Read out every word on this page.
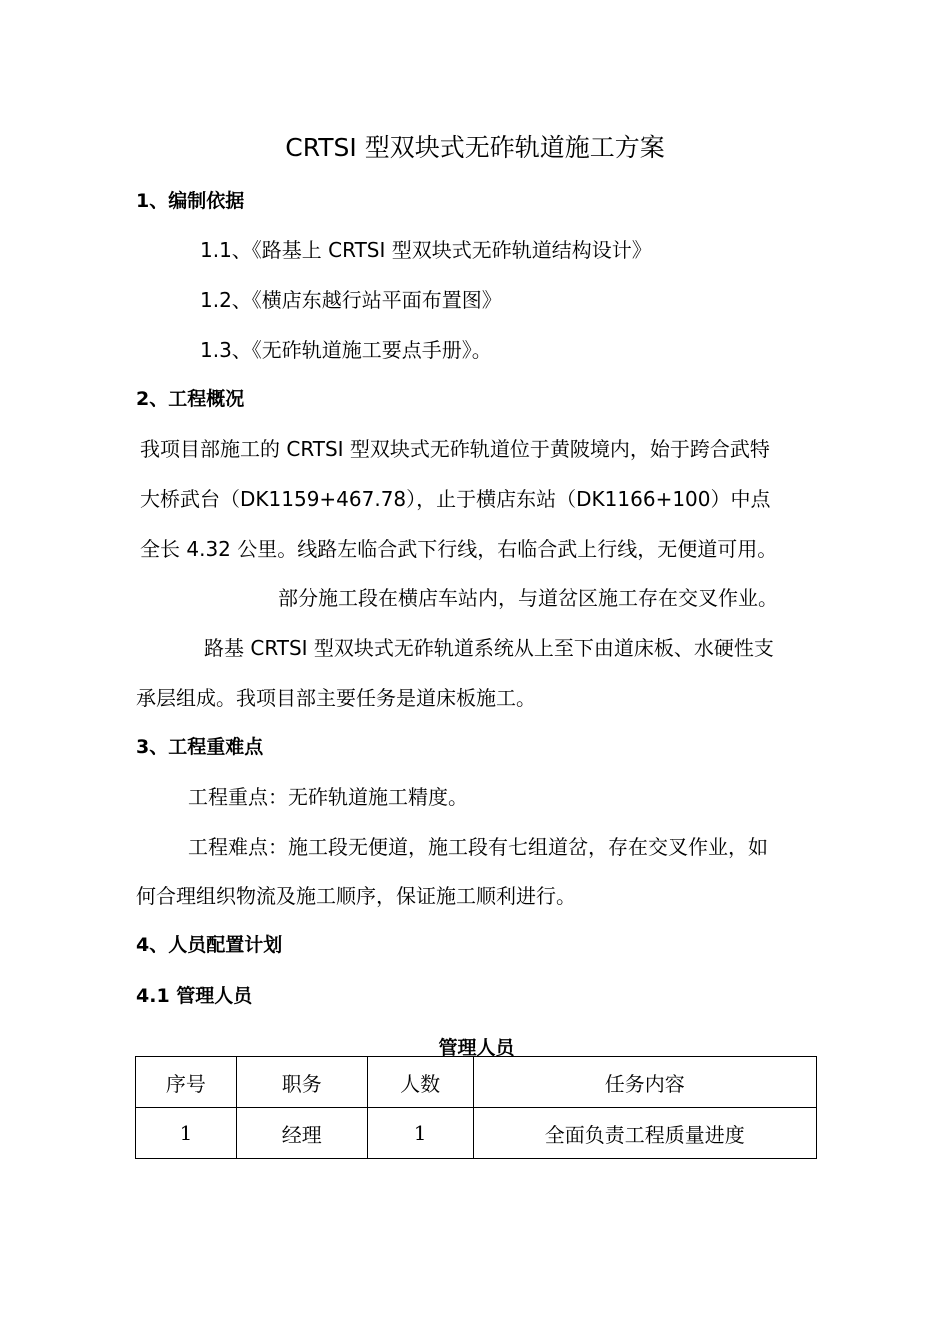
CRTSI 型双块式无砟轨道施工方案
1、编制依据
1.1、《路基上 CRTSI 型双块式无砟轨道结构设计》
1.2、《横店东越行站平面布置图》
1.3、《无砟轨道施工要点手册》。
2、工程概况
我项目部施工的 CRTSI 型双块式无砟轨道位于黄陂境内，始于跨合武特
大桥武台（DK1159+467.78），止于横店东站（DK1166+100）中点
全长 4.32 公里。线路左临合武下行线，右临合武上行线，无便道可用。
部分施工段在横店车站内，与道岔区施工存在交叉作业。
路基 CRTSI 型双块式无砟轨道系统从上至下由道床板、水硬性支
承层组成。我项目部主要任务是道床板施工。
3、工程重难点
工程重点：无砟轨道施工精度。
工程难点：施工段无便道，施工段有七组道岔，存在交叉作业，如
何合理组织物流及施工顺序，保证施工顺利进行。
4、人员配置计划
4.1 管理人员
管理人员
序号	职务	人数	任务内容
1	经理	1	全面负责工程质量进度
